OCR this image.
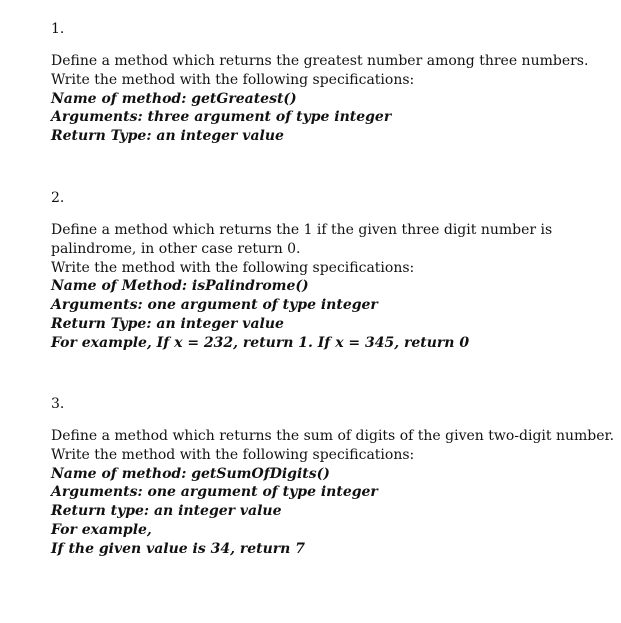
1.
Define a method which returns the greatest number among three numbers.
Write the method with the following specifications:
Name of method: getGreatest()
Arguments: three argument of type integer
Return Type: an integer value
2.
Define a method which returns the 1 if the given three digit number is
palindrome, in other case return 0.
Write the method with the following specifications:
Name of Method: isPalindrome()
Arguments: one argument of type integer
Return Type: an integer value
For example, If x = 232, return 1. If x = 345, return 0
3.
Define a method which returns the sum of digits of the given two-digit number.
Write the method with the following specifications:
Name of method: getSumOfDigits()
Arguments: one argument of type integer
Return type: an integer value
For example,
If the given value is 34, return 7
